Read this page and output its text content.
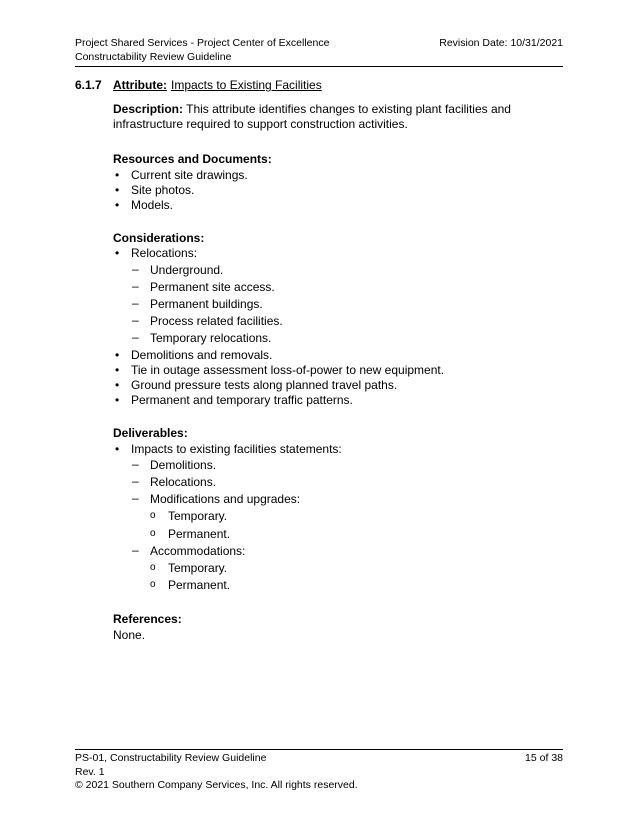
Project Shared Services - Project Center of Excellence	Revision Date: 10/31/2021
Constructability Review Guideline
6.1.7 Attribute: Impacts to Existing Facilities

Description: This attribute identifies changes to existing plant facilities and infrastructure required to support construction activities.

Resources and Documents:

• Current site drawings.
• Site photos.
• Models.

Considerations:

• Relocations:
– Underground.
– Permanent site access.
– Permanent buildings.
– Process related facilities.
– Temporary relocations.
• Demolitions and removals.
• Tie in outage assessment loss-of-power to new equipment.
• Ground pressure tests along planned travel paths.
• Permanent and temporary traffic patterns.

Deliverables:

• Impacts to existing facilities statements:
– Demolitions.
– Relocations.
– Modifications and upgrades:
o Temporary.
o Permanent.
– Accommodations:
o Temporary.
o Permanent.

References:

None.

PS-01, Constructability Review Guideline	15 of 38
Rev. 1
© 2021 Southern Company Services, Inc. All rights reserved.
